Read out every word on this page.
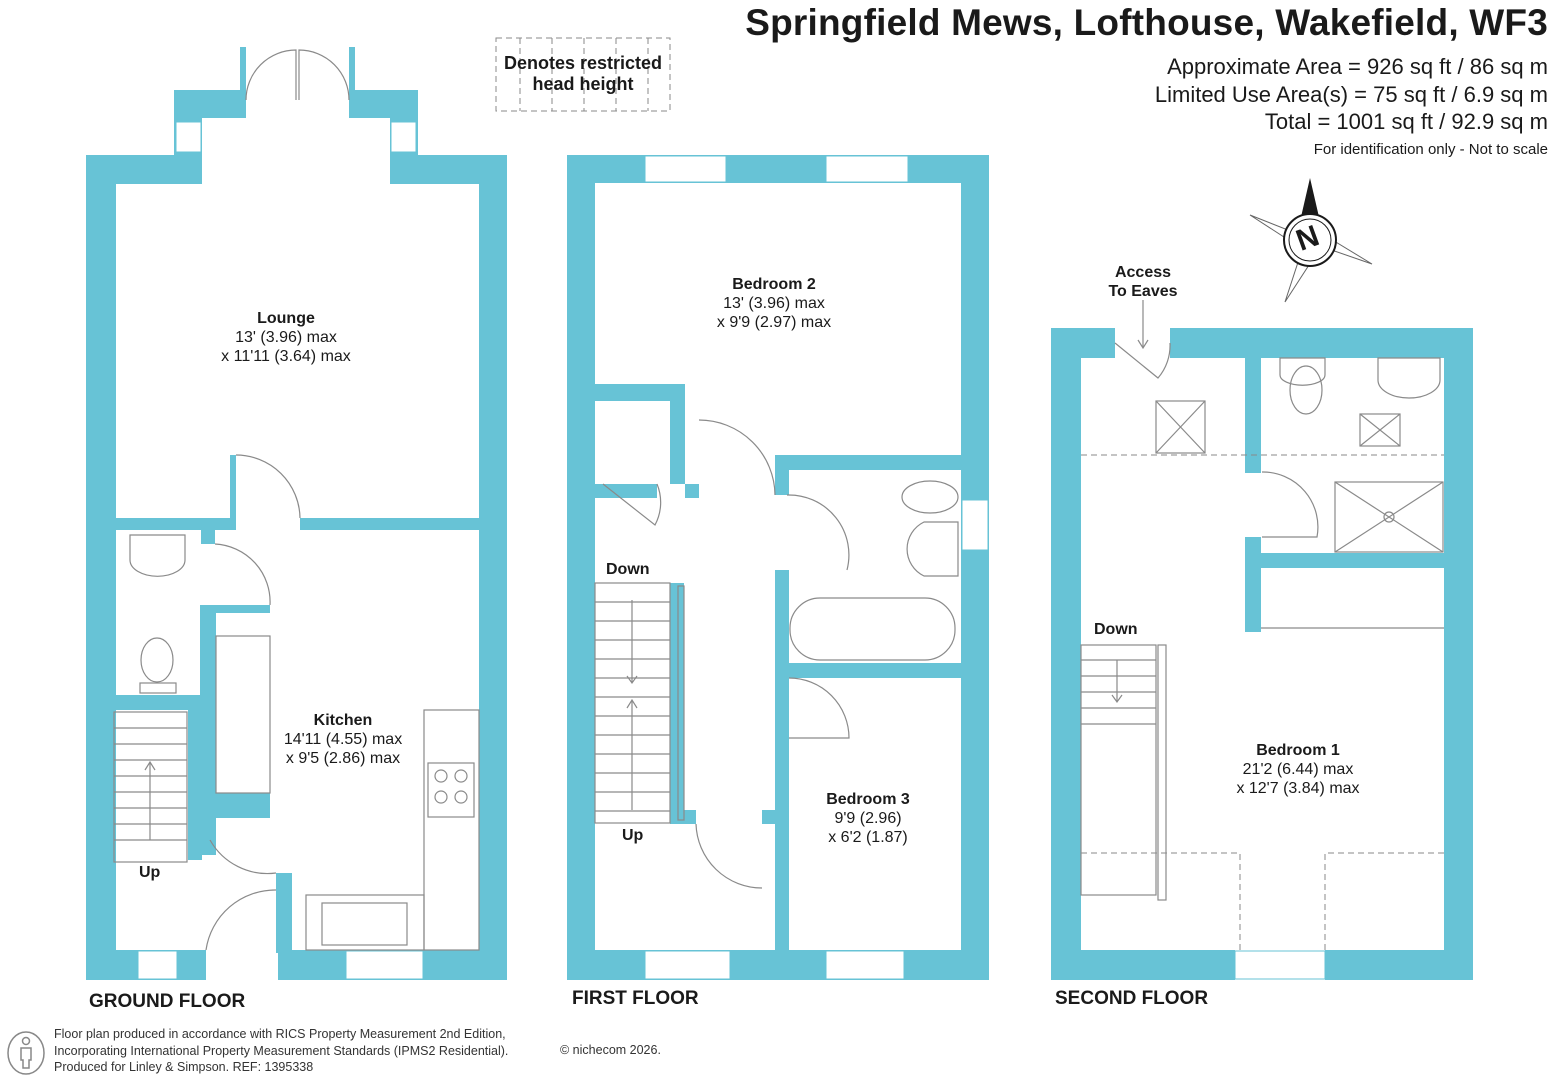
Springfield Mews, Lofthouse, Wakefield, WF3
Approximate Area = 926 sq ft / 86 sq m
Limited Use Area(s) = 75 sq ft / 6.9 sq m
Total = 1001 sq ft / 92.9 sq m
For identification only - Not to scale
Denotes restricted
head height
N
Lounge
13' (3.96) max
x 11'11 (3.64) max
Kitchen
14'11 (4.55) max
x 9'5 (2.86) max
Up
GROUND FLOOR
Bedroom 2
13' (3.96) max
x 9'9 (2.97) max
Bedroom 3
9'9 (2.96)
x 6'2 (1.87)
Down
Up
FIRST FLOOR
Bedroom 1
21'2 (6.44) max
x 12'7 (3.84) max
Access
To Eaves
Down
SECOND FLOOR
Floor plan produced in accordance with RICS Property Measurement 2nd Edition,
Incorporating International Property Measurement Standards (IPMS2 Residential).
Produced for Linley & Simpson. REF: 1395338
© nichecom 2026.
